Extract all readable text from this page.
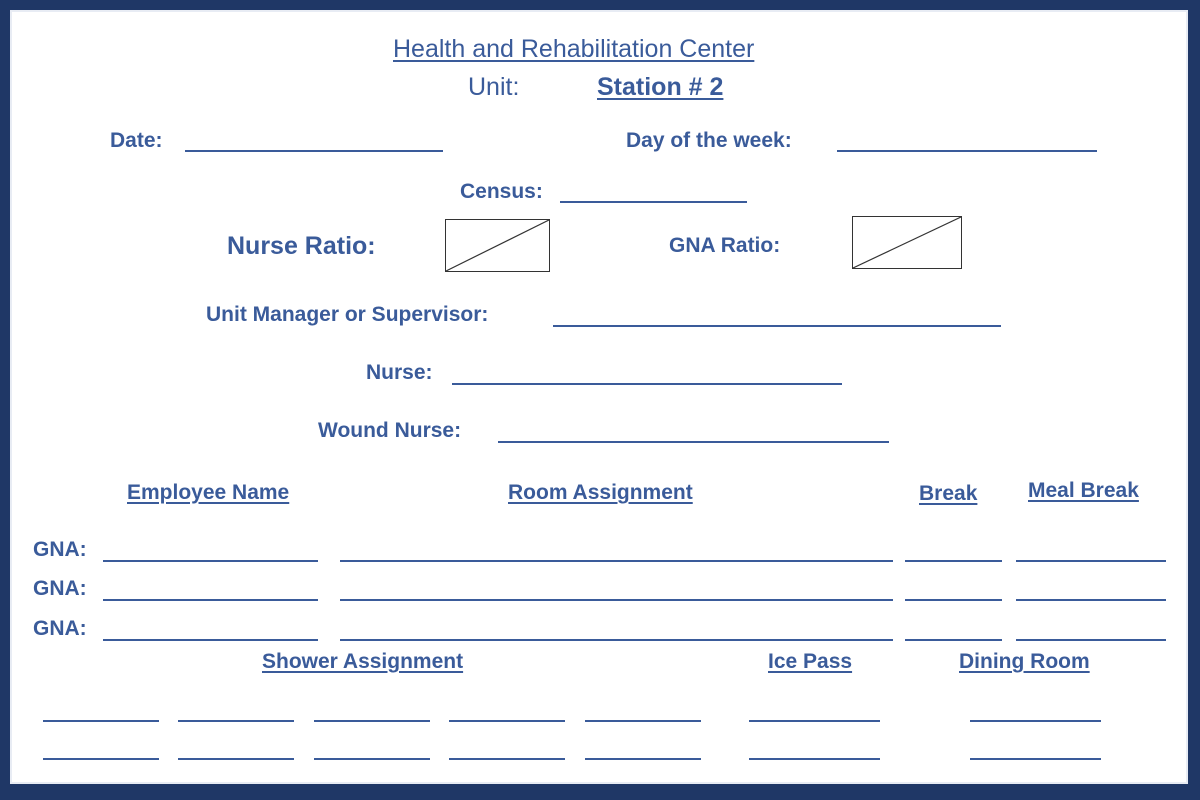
Health and Rehabilitation Center
Unit:	Station # 2
Date:	Day of the week:
Census:
Nurse Ratio:	GNA Ratio:
Unit Manager or Supervisor:
Nurse:
Wound Nurse:
Employee Name	Room Assignment	Break Meal Break
GNA:
GNA:
GNA:
Shower Assignment	Ice Pass	Dining Room
